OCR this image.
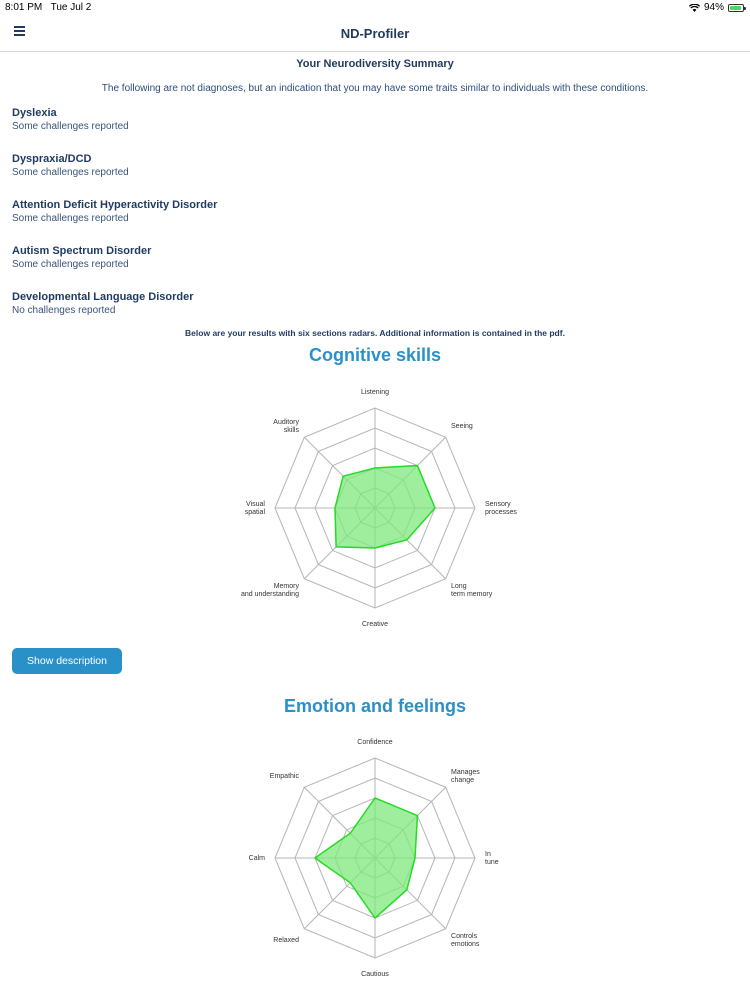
8:01 PM Tue Jul 2	94%
ND-Profiler
Your Neurodiversity Summary
The following are not diagnoses, but an indication that you may have some traits similar to individuals with these conditions.
Dyslexia
Some challenges reported
Dyspraxia/DCD
Some challenges reported
Attention Deficit Hyperactivity Disorder
Some challenges reported
Autism Spectrum Disorder
Some challenges reported
Developmental Language Disorder
No challenges reported
Below are your results with six sections radars. Additional information is contained in the pdf.
Cognitive skills
Listening
Seeing
Sensory
processes
Long
term memory
Creative
Memory
and understanding
Visual
spatial
Auditory
skills
Show description
Emotion and feelings
Confidence
Manages
change
In
tune
Controls
emotions
Cautious
Relaxed
Calm
Empathic
